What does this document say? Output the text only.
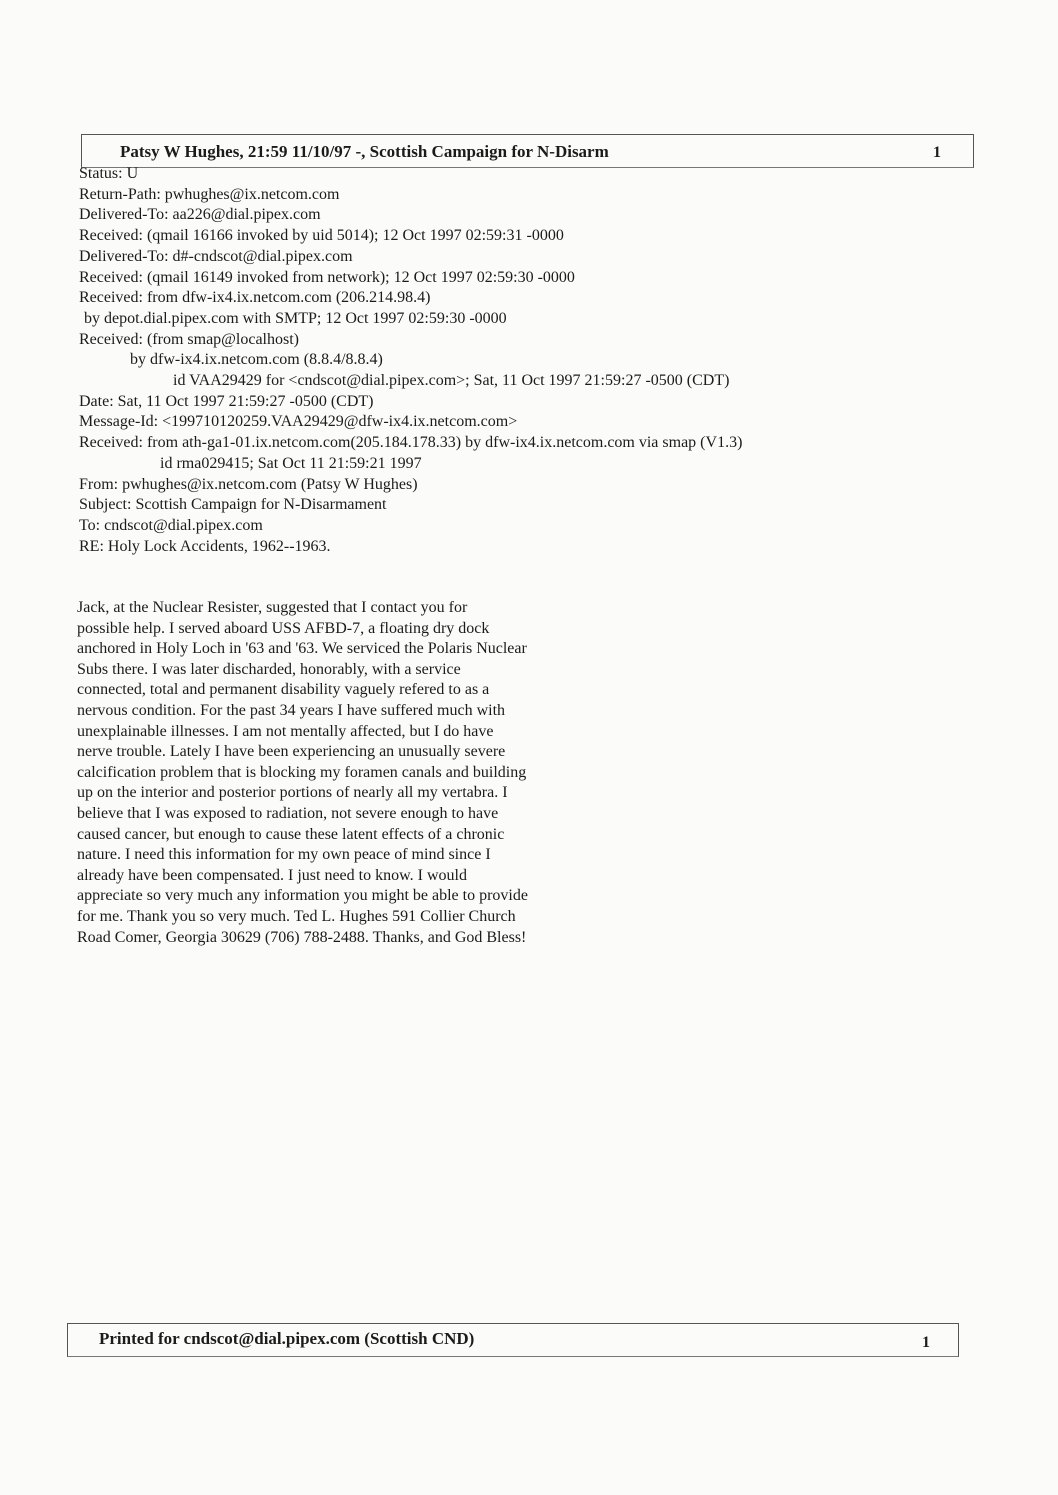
Patsy W Hughes, 21:59 11/10/97 -, Scottish Campaign for N-Disarm	1
Status: U
Return-Path: pwhughes@ix.netcom.com
Delivered-To: aa226@dial.pipex.com
Received: (qmail 16166 invoked by uid 5014); 12 Oct 1997 02:59:31 -0000
Delivered-To: d#-cndscot@dial.pipex.com
Received: (qmail 16149 invoked from network); 12 Oct 1997 02:59:30 -0000
Received: from dfw-ix4.ix.netcom.com (206.214.98.4)
by depot.dial.pipex.com with SMTP; 12 Oct 1997 02:59:30 -0000
Received: (from smap@localhost)
by dfw-ix4.ix.netcom.com (8.8.4/8.8.4)
id VAA29429 for <cndscot@dial.pipex.com>; Sat, 11 Oct 1997 21:59:27 -0500 (CDT)
Date: Sat, 11 Oct 1997 21:59:27 -0500 (CDT)
Message-Id: <199710120259.VAA29429@dfw-ix4.ix.netcom.com>
Received: from ath-ga1-01.ix.netcom.com(205.184.178.33) by dfw-ix4.ix.netcom.com via smap (V1.3)
id rma029415; Sat Oct 11 21:59:21 1997
From: pwhughes@ix.netcom.com (Patsy W Hughes)
Subject: Scottish Campaign for N-Disarmament
To: cndscot@dial.pipex.com
RE: Holy Lock Accidents, 1962--1963.
Jack, at the Nuclear Resister, suggested that I contact you for
possible help. I served aboard USS AFBD-7, a floating dry dock
anchored in Holy Loch in '63 and '63. We serviced the Polaris Nuclear
Subs there. I was later discharded, honorably, with a service
connected, total and permanent disability vaguely refered to as a
nervous condition. For the past 34 years I have suffered much with
unexplainable illnesses. I am not mentally affected, but I do have
nerve trouble. Lately I have been experiencing an unusually severe
calcification problem that is blocking my foramen canals and building
up on the interior and posterior portions of nearly all my vertabra. I
believe that I was exposed to radiation, not severe enough to have
caused cancer, but enough to cause these latent effects of a chronic
nature. I need this information for my own peace of mind since I
already have been compensated. I just need to know. I would
appreciate so very much any information you might be able to provide
for me. Thank you so very much. Ted L. Hughes 591 Collier Church
Road Comer, Georgia 30629 (706) 788-2488. Thanks, and God Bless!
Printed for cndscot@dial.pipex.com (Scottish CND)	1
